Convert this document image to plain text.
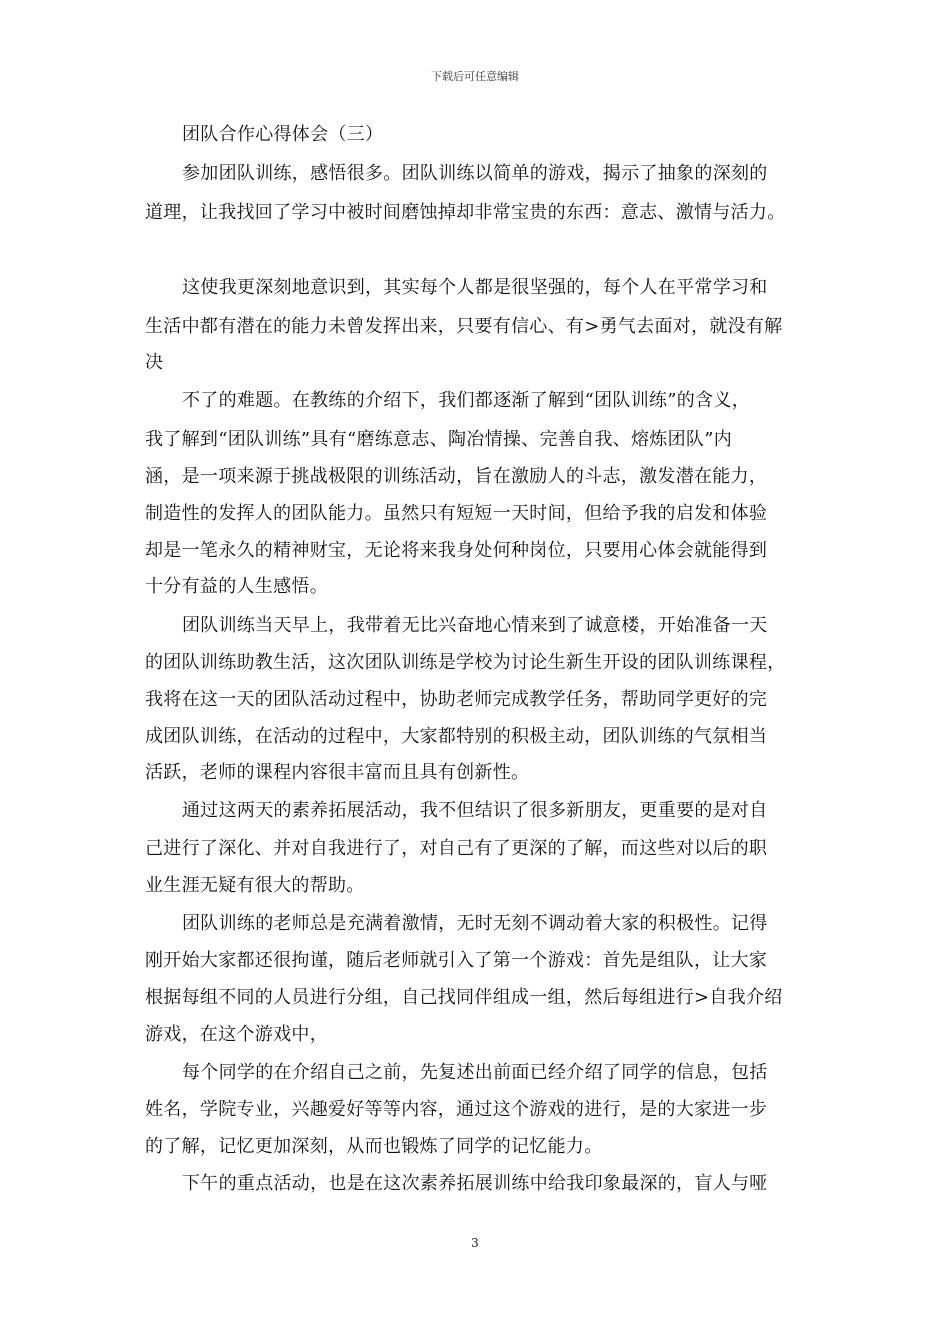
下载后可任意编辑
团队合作心得体会（三）
参加团队训练，感悟很多。团队训练以简单的游戏，揭示了抽象的深刻的
道理，让我找回了学习中被时间磨蚀掉却非常宝贵的东西：意志、激情与活力。
这使我更深刻地意识到，其实每个人都是很坚强的，每个人在平常学习和
生活中都有潜在的能力未曾发挥出来，只要有信心、有>勇气去面对，就没有解
决
不了的难题。在教练的介绍下，我们都逐渐了解到“团队训练”的含义，
我了解到“团队训练”具有“磨练意志、陶冶情操、完善自我、熔炼团队”内
涵，是一项来源于挑战极限的训练活动，旨在激励人的斗志，激发潜在能力，
制造性的发挥人的团队能力。虽然只有短短一天时间，但给予我的启发和体验
却是一笔永久的精神财宝，无论将来我身处何种岗位，只要用心体会就能得到
十分有益的人生感悟。
团队训练当天早上，我带着无比兴奋地心情来到了诚意楼，开始准备一天
的团队训练助教生活，这次团队训练是学校为讨论生新生开设的团队训练课程，
我将在这一天的团队活动过程中，协助老师完成教学任务，帮助同学更好的完
成团队训练，在活动的过程中，大家都特别的积极主动，团队训练的气氛相当
活跃，老师的课程内容很丰富而且具有创新性。
通过这两天的素养拓展活动，我不但结识了很多新朋友，更重要的是对自
己进行了深化、并对自我进行了，对自己有了更深的了解，而这些对以后的职
业生涯无疑有很大的帮助。
团队训练的老师总是充满着激情，无时无刻不调动着大家的积极性。记得
刚开始大家都还很拘谨，随后老师就引入了第一个游戏：首先是组队，让大家
根据每组不同的人员进行分组，自己找同伴组成一组，然后每组进行>自我介绍
游戏，在这个游戏中，
每个同学的在介绍自己之前，先复述出前面已经介绍了同学的信息，包括
姓名，学院专业，兴趣爱好等等内容，通过这个游戏的进行，是的大家进一步
的了解，记忆更加深刻，从而也锻炼了同学的记忆能力。
下午的重点活动，也是在这次素养拓展训练中给我印象最深的，盲人与哑
3
